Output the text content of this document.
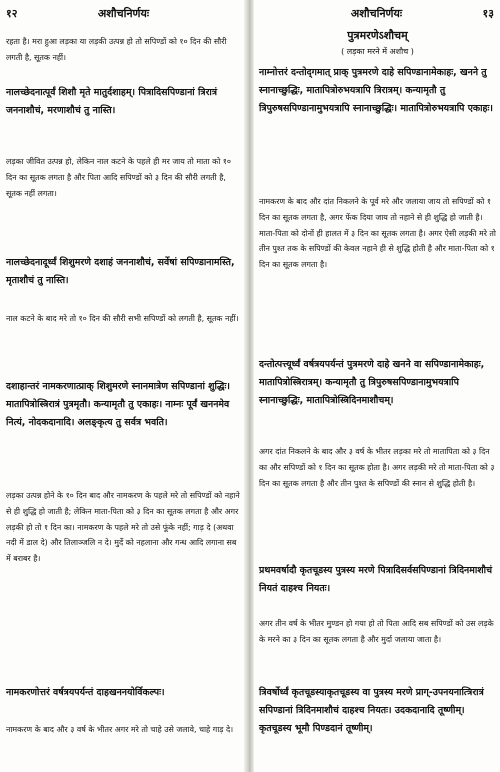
१२	अशौचनिर्णयः
रहता है। मरा हुआ लड़का या लड़की उत्पन्न हो तो सपिण्डों को १० दिन की सौरी लगती है, सूतक नहीं।
नालच्छेदनात्पूर्वं शिशौ मृते मातुर्दशाहम्। पित्रादिसपिण्डानां त्रिरात्रं जननाशौचं, मरणाशौचं तु नास्ति।
लड़का जीवित उत्पन्न हो, लेकिन नाल कटने के पहले ही मर जाय तो माता को १० दिन का सूतक लगता है और पिता आदि सपिण्डों को ३ दिन की सौरी लगती है, सूतक नहीं लगता।
नालच्छेदनादूर्ध्वं शिशुमरणे दशाहं जननाशौचं, सर्वेषां सपिण्डानामस्ति, मृताशौचं तु नास्ति।
नाल कटने के बाद मरे तो १० दिन की सौरी सभी सपिण्डों को लगती है, सूतक नहीं।
दशाहान्तरं नामकरणात्प्राक् शिशुमरणे स्नानमात्रेण सपिण्डानां शुद्धिः। मातापित्रोस्त्रिरात्रं पुत्रमृतौ। कन्यामृतौ तु एकाहः। नाम्नः पूर्वं खननमेव नित्यं, नोदकदानादि। अलङ्कृत्य तु सर्वत्र भवति।
लड़का उत्पन्न होने के १० दिन बाद और नामकरण के पहले मरे तो सपिण्डों को नहाने से ही शुद्धि हो जाती है; लेकिन माता-पिता को ३ दिन का सूतक लगता है और अगर लड़की हो तो १ दिन का। नामकरण के पहले मरे तो उसे फूंके नहीं; गाड़ दे (अथवा नदी में डाल दे) और तिलाञ्जलि न दे। मुर्दे को नहलाना और गन्ध आदि लगाना सब में बराबर है।
नामकरणोत्तरं वर्षत्रयपर्यन्तं दाहखननयोर्विकल्पः।
नामकरण के बाद और ३ वर्ष के भीतर अगर मरे तो चाहे उसे जलावे, चाहे गाड़ दे।
अशौचनिर्णयः	१३
पुत्रमरणेऽशौचम्
( लड़का मरने में अशौच )
नाम्नोत्तरं दन्तोद्‌गमात् प्राक् पुत्रमरणे दाहे सपिण्डानामेकाहः, खनने तु स्नानाच्छुद्धिः, मातापित्रोरुभयत्रापि त्रिरात्रम्। कन्यामृतौ तु त्रिपुरुषसपिण्डानामुभयत्रापि स्नानाच्छुद्धिः। मातापित्रोरुभयत्रापि एकाहः।
नामकरण के बाद और दांत निकलने के पूर्व मरे और जलाया जाय तो सपिण्डों को १ दिन का सूतक लगता है, अगर फेंक दिया जाय तो नहाने से ही शुद्धि हो जाती है। माता-पिता को दोनों ही हालत में ३ दिन का सूतक लगता है। अगर ऐसी लड़की मरे तो तीन पुश्त तक के सपिण्डों की केवल नहाने ही से शुद्धि होती है और माता-पिता को १ दिन का सूतक लगता है।
दन्तोत्पत्त्यूर्ध्वं वर्षत्रयपर्यन्तं पुत्रमरणे दाहे खनने वा सपिण्डानामेकाहः, मातापित्रोस्त्रिरात्रम्। कन्यामृतौ तु त्रिपुरुषसपिण्डानामुभयत्रापि स्नानाच्छुद्धिः, मातापित्रोस्त्रिदिनमाशौचम्।
अगर दांत निकलने के बाद और ३ वर्ष के भीतर लड़का मरे तो मातापिता को ३ दिन का और सपिण्डों को १ दिन का सूतक होता है। अगर लड़की मरे तो माता-पिता को ३ दिन का सूतक लगता है और तीन पुश्त के सपिण्डों की स्नान से शुद्धि होती है।
प्रथमवर्षादौ कृतचूडस्य पुत्रस्य मरणे पित्रादिसर्वसपिण्डानां त्रिदिनमाशौचं नियतं दाहश्च नियतः।
अगर तीन वर्ष के भीतर मुण्डन हो गया हो तो पिता आदि सब सपिण्डों को उस लड़के के मरने का ३ दिन का सूतक लगता है और मुर्दा जलाया जाता है।
त्रिवर्षोर्ध्वं कृतचूडस्याकृतचूडस्य वा पुत्रस्य मरणे प्राग्-उपनयनात्त्रिरात्रं सपिण्डानां त्रिदिनमाशौचं दाहश्च नियतः। उदकदानादि तूष्णीम्। कृतचूडस्य भूमौ पिण्डदानं तूष्णीम्।
